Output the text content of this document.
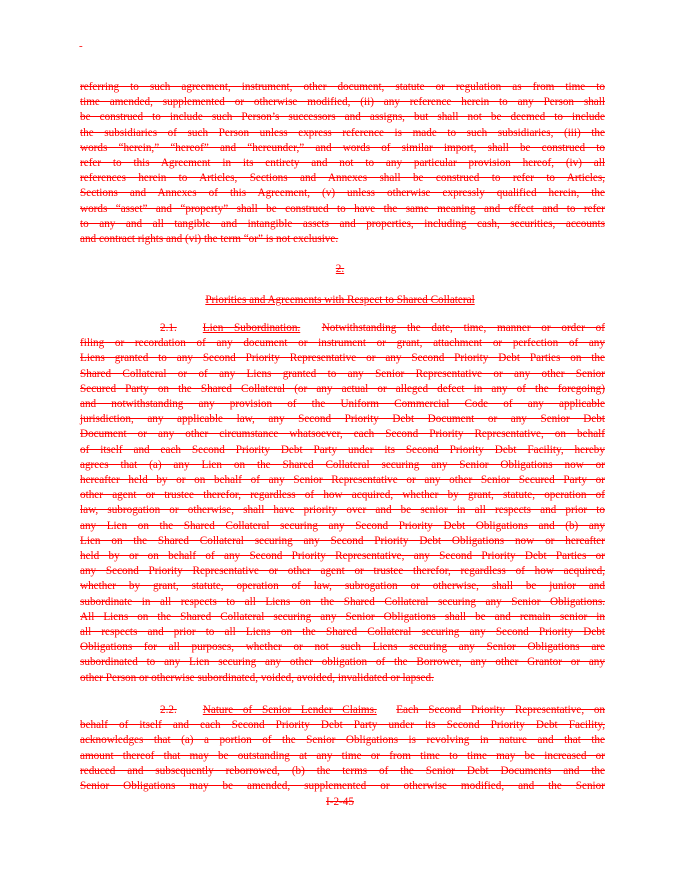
-
referring to such agreement, instrument, other document, statute or regulation as from time to
time amended, supplemented or otherwise modified, (ii) any reference herein to any Person shall
be construed to include such Person’s successors and assigns, but shall not be deemed to include
the subsidiaries of such Person unless express reference is made to such subsidiaries, (iii) the
words “herein,” “hereof” and “hereunder,” and words of similar import, shall be construed to
refer to this Agreement in its entirety and not to any particular provision hereof, (iv) all
references herein to Articles, Sections and Annexes shall be construed to refer to Articles,
Sections and Annexes of this Agreement, (v) unless otherwise expressly qualified herein, the
words “asset” and “property” shall be construed to have the same meaning and effect and to refer
to any and all tangible and intangible assets and properties, including cash, securities, accounts
and contract rights and (vi) the term “or” is not exclusive.
2.
Priorities and Agreements with Respect to Shared Collateral
2.1. Lien Subordination. Notwithstanding the date, time, manner or order of
filing or recordation of any document or instrument or grant, attachment or perfection of any
Liens granted to any Second Priority Representative or any Second Priority Debt Parties on the
Shared Collateral or of any Liens granted to any Senior Representative or any other Senior
Secured Party on the Shared Collateral (or any actual or alleged defect in any of the foregoing)
and notwithstanding any provision of the Uniform Commercial Code of any applicable
jurisdiction, any applicable law, any Second Priority Debt Document or any Senior Debt
Document or any other circumstance whatsoever, each Second Priority Representative, on behalf
of itself and each Second Priority Debt Party under its Second Priority Debt Facility, hereby
agrees that (a) any Lien on the Shared Collateral securing any Senior Obligations now or
hereafter held by or on behalf of any Senior Representative or any other Senior Secured Party or
other agent or trustee therefor, regardless of how acquired, whether by grant, statute, operation of
law, subrogation or otherwise, shall have priority over and be senior in all respects and prior to
any Lien on the Shared Collateral securing any Second Priority Debt Obligations and (b) any
Lien on the Shared Collateral securing any Second Priority Debt Obligations now or hereafter
held by or on behalf of any Second Priority Representative, any Second Priority Debt Parties or
any Second Priority Representative or other agent or trustee therefor, regardless of how acquired,
whether by grant, statute, operation of law, subrogation or otherwise, shall be junior and
subordinate in all respects to all Liens on the Shared Collateral securing any Senior Obligations.
All Liens on the Shared Collateral securing any Senior Obligations shall be and remain senior in
all respects and prior to all Liens on the Shared Collateral securing any Second Priority Debt
Obligations for all purposes, whether or not such Liens securing any Senior Obligations are
subordinated to any Lien securing any other obligation of the Borrower, any other Grantor or any
other Person or otherwise subordinated, voided, avoided, invalidated or lapsed.
2.2. Nature of Senior Lender Claims. Each Second Priority Representative, on
behalf of itself and each Second Priority Debt Party under its Second Priority Debt Facility,
acknowledges that (a) a portion of the Senior Obligations is revolving in nature and that the
amount thereof that may be outstanding at any time or from time to time may be increased or
reduced and subsequently reborrowed, (b) the terms of the Senior Debt Documents and the
Senior Obligations may be amended, supplemented or otherwise modified, and the Senior
I-2-45
